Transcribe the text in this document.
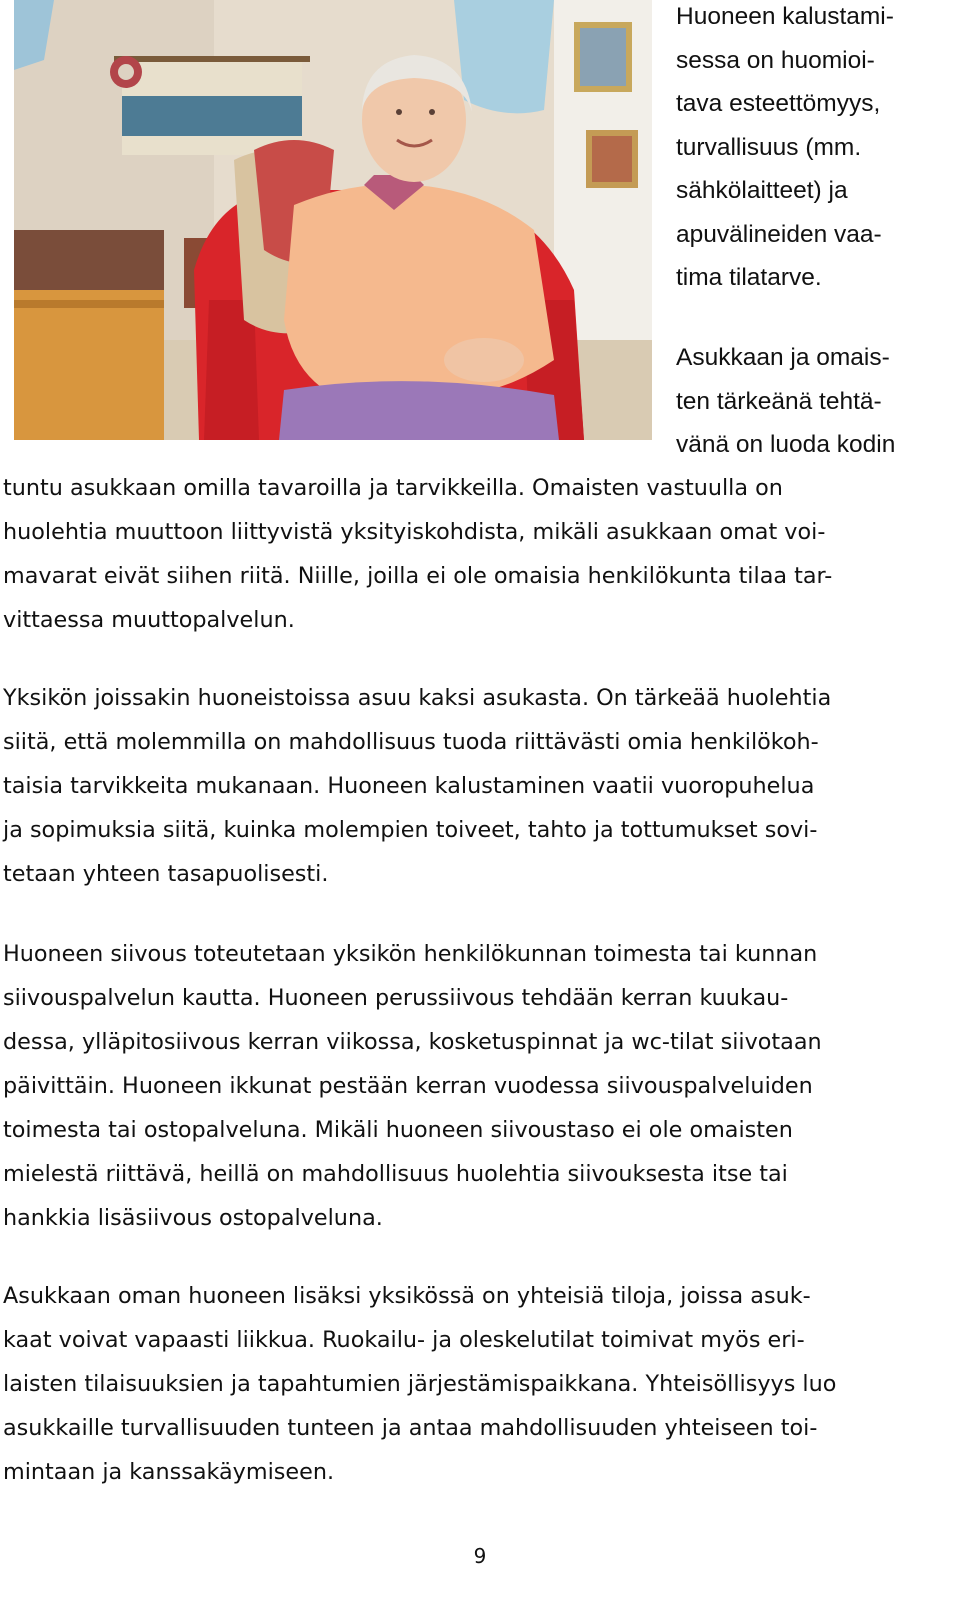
Huoneen kalustami-
sessa on huomioi-
tava esteettömyys,
turvallisuus (mm.
sähkölaitteet) ja
apuvälineiden vaa-
tima tilatarve.
Asukkaan ja omais-
ten tärkeänä tehtä-
vänä on luoda kodin
tuntu asukkaan omilla tavaroilla ja tarvikkeilla. Omaisten vastuulla on
huolehtia muuttoon liittyvistä yksityiskohdista, mikäli asukkaan omat voi-
mavarat eivät siihen riitä. Niille, joilla ei ole omaisia henkilökunta tilaa tar-
vittaessa muuttopalvelun.
Yksikön joissakin huoneistoissa asuu kaksi asukasta. On tärkeää huolehtia
siitä, että molemmilla on mahdollisuus tuoda riittävästi omia henkilökoh-
taisia tarvikkeita mukanaan. Huoneen kalustaminen vaatii vuoropuhelua
ja sopimuksia siitä, kuinka molempien toiveet, tahto ja tottumukset sovi-
tetaan yhteen tasapuolisesti.
Huoneen siivous toteutetaan yksikön henkilökunnan toimesta tai kunnan
siivouspalvelun kautta. Huoneen perussiivous tehdään kerran kuukau-
dessa, ylläpitosiivous kerran viikossa, kosketuspinnat ja wc-tilat siivotaan
päivittäin. Huoneen ikkunat pestään kerran vuodessa siivouspalveluiden
toimesta tai ostopalveluna. Mikäli huoneen siivoustaso ei ole omaisten
mielestä riittävä, heillä on mahdollisuus huolehtia siivouksesta itse tai
hankkia lisäsiivous ostopalveluna.
Asukkaan oman huoneen lisäksi yksikössä on yhteisiä tiloja, joissa asuk-
kaat voivat vapaasti liikkua. Ruokailu- ja oleskelutilat toimivat myös eri-
laisten tilaisuuksien ja tapahtumien järjestämispaikkana. Yhteisöllisyys luo
asukkaille turvallisuuden tunteen ja antaa mahdollisuuden yhteiseen toi-
mintaan ja kanssakäymiseen.
9
